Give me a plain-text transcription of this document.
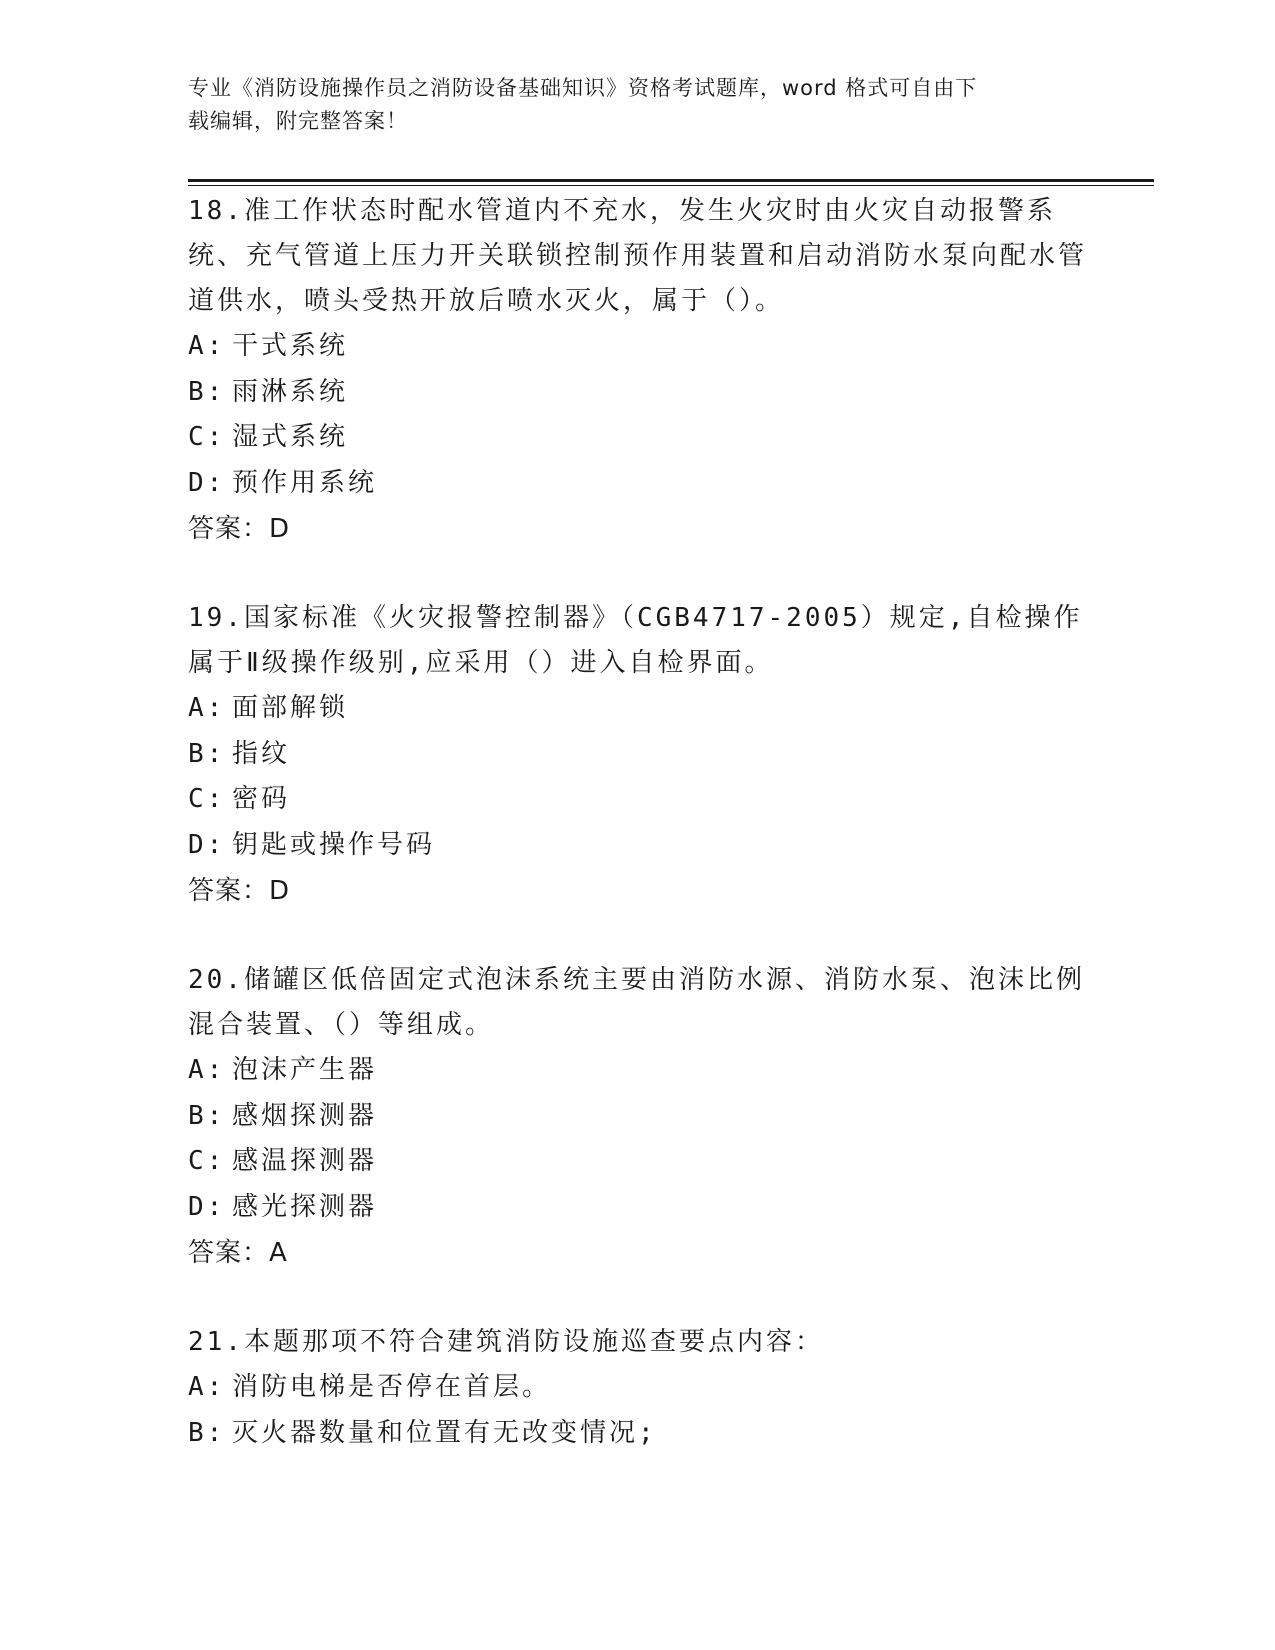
专业《消防设施操作员之消防设备基础知识》资格考试题库，word 格式可自由下
载编辑，附完整答案！
18.准工作状态时配水管道内不充水，发生火灾时由火灾自动报警系统、充气管道上压力开关联锁控制预作用装置和启动消防水泵向配水管道供水，喷头受热开放后喷水灭火，属于（）。
A: 干式系统
B: 雨淋系统
C: 湿式系统
D: 预作用系统
答案：D
19.国家标准《火灾报警控制器》（CGB4717-2005）规定,自检操作属于Ⅱ级操作级别,应采用（）进入自检界面。
A: 面部解锁
B: 指纹
C: 密码
D: 钥匙或操作号码
答案：D
20.储罐区低倍固定式泡沫系统主要由消防水源、消防水泵、泡沫比例混合装置、（）等组成。
A: 泡沫产生器
B: 感烟探测器
C: 感温探测器
D: 感光探测器
答案：A
21.本题那项不符合建筑消防设施巡查要点内容：
A: 消防电梯是否停在首层。
B: 灭火器数量和位置有无改变情况;
